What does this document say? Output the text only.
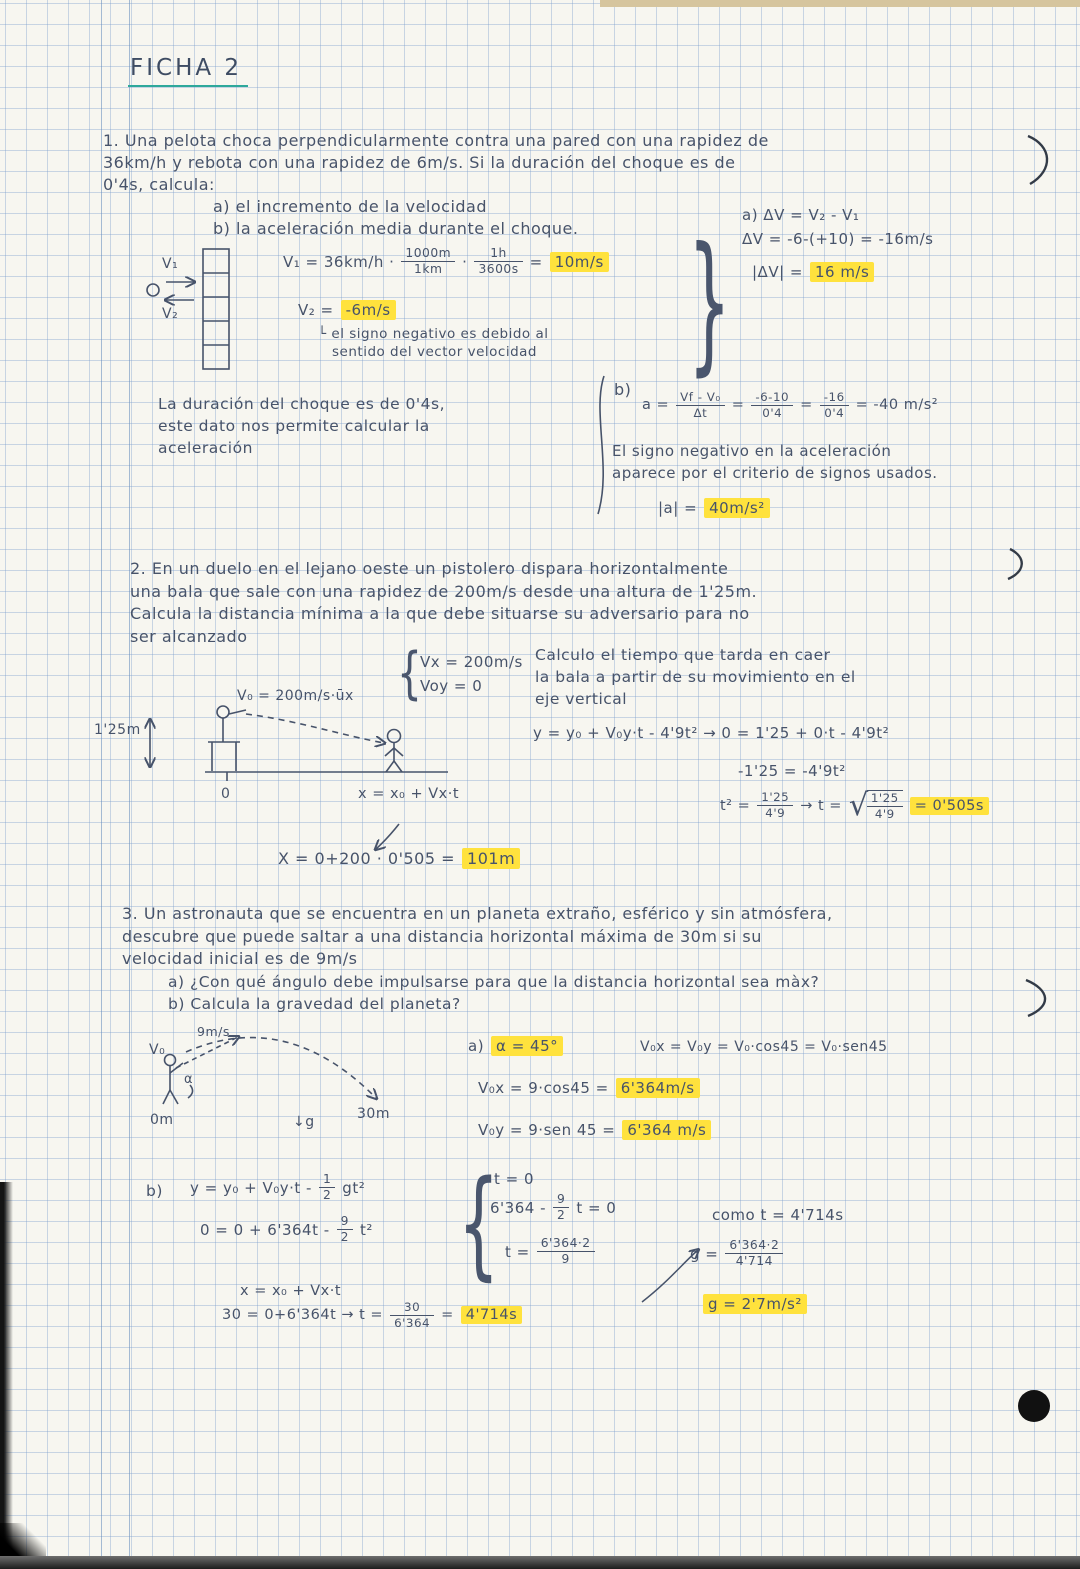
FICHA 2
1. Una pelota choca perpendicularmente contra una pared con una rapidez de
36km/h y rebota con una rapidez de 6m/s. Si la duración del choque es de
0'4s, calcula:
a) el incremento de la velocidad
b) la aceleración media durante el choque.
a) ΔV = V₂ - V₁
ΔV = -6-(+10) = -16m/s
|ΔV| = 16 m/s
V₁
V₂
V₁ = 36km/h · 1000m
1km	· $\frac{1h}{3600s} = 10m/s$
V₂ = -6m/s
└ el signo negativo es debido al
sentido del vector velocidad }
La duración del choque es de 0'4s,
este dato nos permite calcular la
aceleración
b)
$a = \frac{\text{Vf - V₀}}{\Delta t} = \frac{-6-10}{0'4} = \frac{-16}{0'4} = -40$ m/s²
El signo negativo en la aceleración
aparece por el criterio de signos usados.
|a| = 40m/s²
2. En un duelo en el lejano oeste un pistolero dispara horizontalmente
una bala que sale con una rapidez de 200m/s desde una altura de 1'25m.
Calcula la distancia mínima a la que debe situarse su adversario para no
ser alcanzado
{
Vx = 200m/s
Voy = 0
Calculo el tiempo que tarda en caer
la bala a partir de su movimiento en el
eje vertical
V₀ = 200m/s·ūx
1'25m
0	x = x₀ + Vx·t
y = y₀ + V₀y·t - 4'9t² → 0 = 1'25 + 0·t - 4'9t²
-1'25 = -4'9t²
$t^2 = \frac{1'25}{4'9} \to t$ = √
$\frac{1'25}{4'9} = 0'505s$
X = 0+200 · 0'505 = 101m
3. Un astronauta que se encuentra en un planeta extraño, esférico y sin atmósfera,
descubre que puede saltar a una distancia horizontal máxima de 30m si su
velocidad inicial es de 9m/s
a) ¿Con qué ángulo debe impulsarse para que la distancia horizontal sea màx?
b) Calcula la gravedad del planeta?
9m/s
V₀
α
0m	↓g	30m
a) α = 45°	V₀x = V₀y = V₀·cos45 = V₀·sen45
V₀x = 9·cos45 = 6'364m/s
V₀y = 9·sen 45 = 6'364 m/s
b) y = y₀ + V₀y·t - 1
2 gt²
0 = 0 + 6'364t - 9
2 t² {
t = 0
6'364 - 9
2 t = 0
$t = \frac{6'364\cdot 2}{9}$
como t = 4'714s
$g = \frac{6'364\cdot 2}{4'714}$
g = 2'7m/s²
x = x₀ + Vx·t
$30 = 0+6'364t \to t = \frac{30}{6'364} = 4'714s$
